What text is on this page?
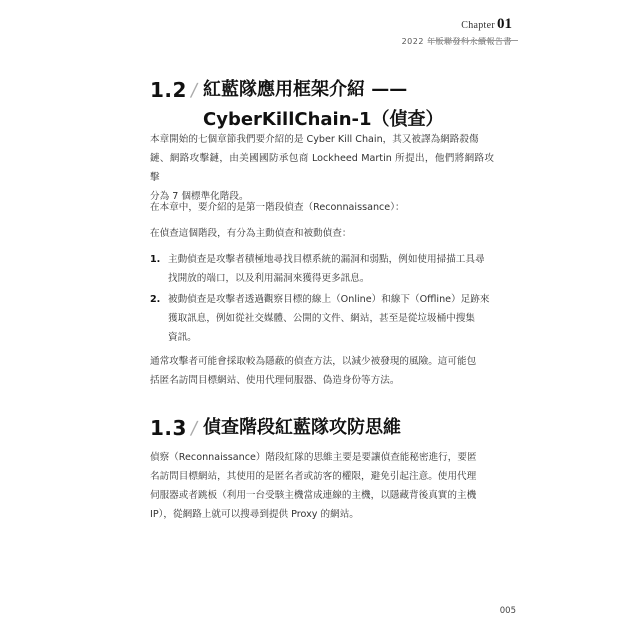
Chapter 01
2022 年版聯發科永續報告書
1.2 / 紅藍隊應用框架介紹 ——
CyberKillChain-1（偵查）
本章開始的七個章節我們要介紹的是 Cyber Kill Chain，其又被譯為網路殺傷
鏈、網路攻擊鏈，由美國國防承包商 Lockheed Martin 所提出，他們將網路攻擊
分為 7 個標準化階段。
在本章中，要介紹的是第一階段偵查（Reconnaissance）：
在偵查這個階段，有分為主動偵查和被動偵查：
1. 主動偵查是攻擊者積極地尋找目標系統的漏洞和弱點，例如使用掃描工具尋
找開放的端口，以及利用漏洞來獲得更多訊息。
2. 被動偵查是攻擊者透過觀察目標的線上（Online）和線下（Offline）足跡來
獲取訊息，例如從社交媒體、公開的文件、網站，甚至是從垃圾桶中搜集
資訊。
通常攻擊者可能會採取較為隱蔽的偵查方法，以減少被發現的風險。這可能包
括匿名訪問目標網站、使用代理伺服器、偽造身份等方法。
1.3 / 偵查階段紅藍隊攻防思維
偵察（Reconnaissance）階段紅隊的思維主要是要讓偵查能秘密進行，要匿
名訪問目標網站，其使用的是匿名者或訪客的權限，避免引起注意。使用代理
伺服器或者跳板（利用一台受駭主機當成連線的主機，以隱藏背後真實的主機
IP），從網路上就可以搜尋到提供 Proxy 的網站。
005
